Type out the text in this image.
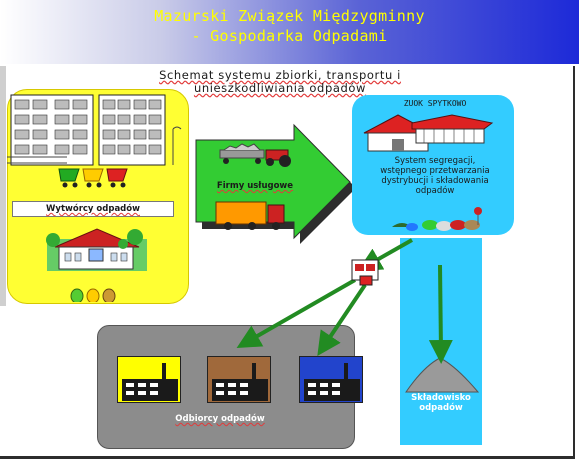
Mazurski Związek Międzygminny
- Gospodarka Odpadami
Schemat systemu zbiorki, transportu i
unieszkodliwiania odpadów
Wytwórcy odpadów
Firmy usługowe
ZUOK SPYTKOWO
System segregacji,
wstępnego przetwarzania
dystrybucji i składowania
odpadów
Składowisko
odpadów
Odbiorcy odpadów
